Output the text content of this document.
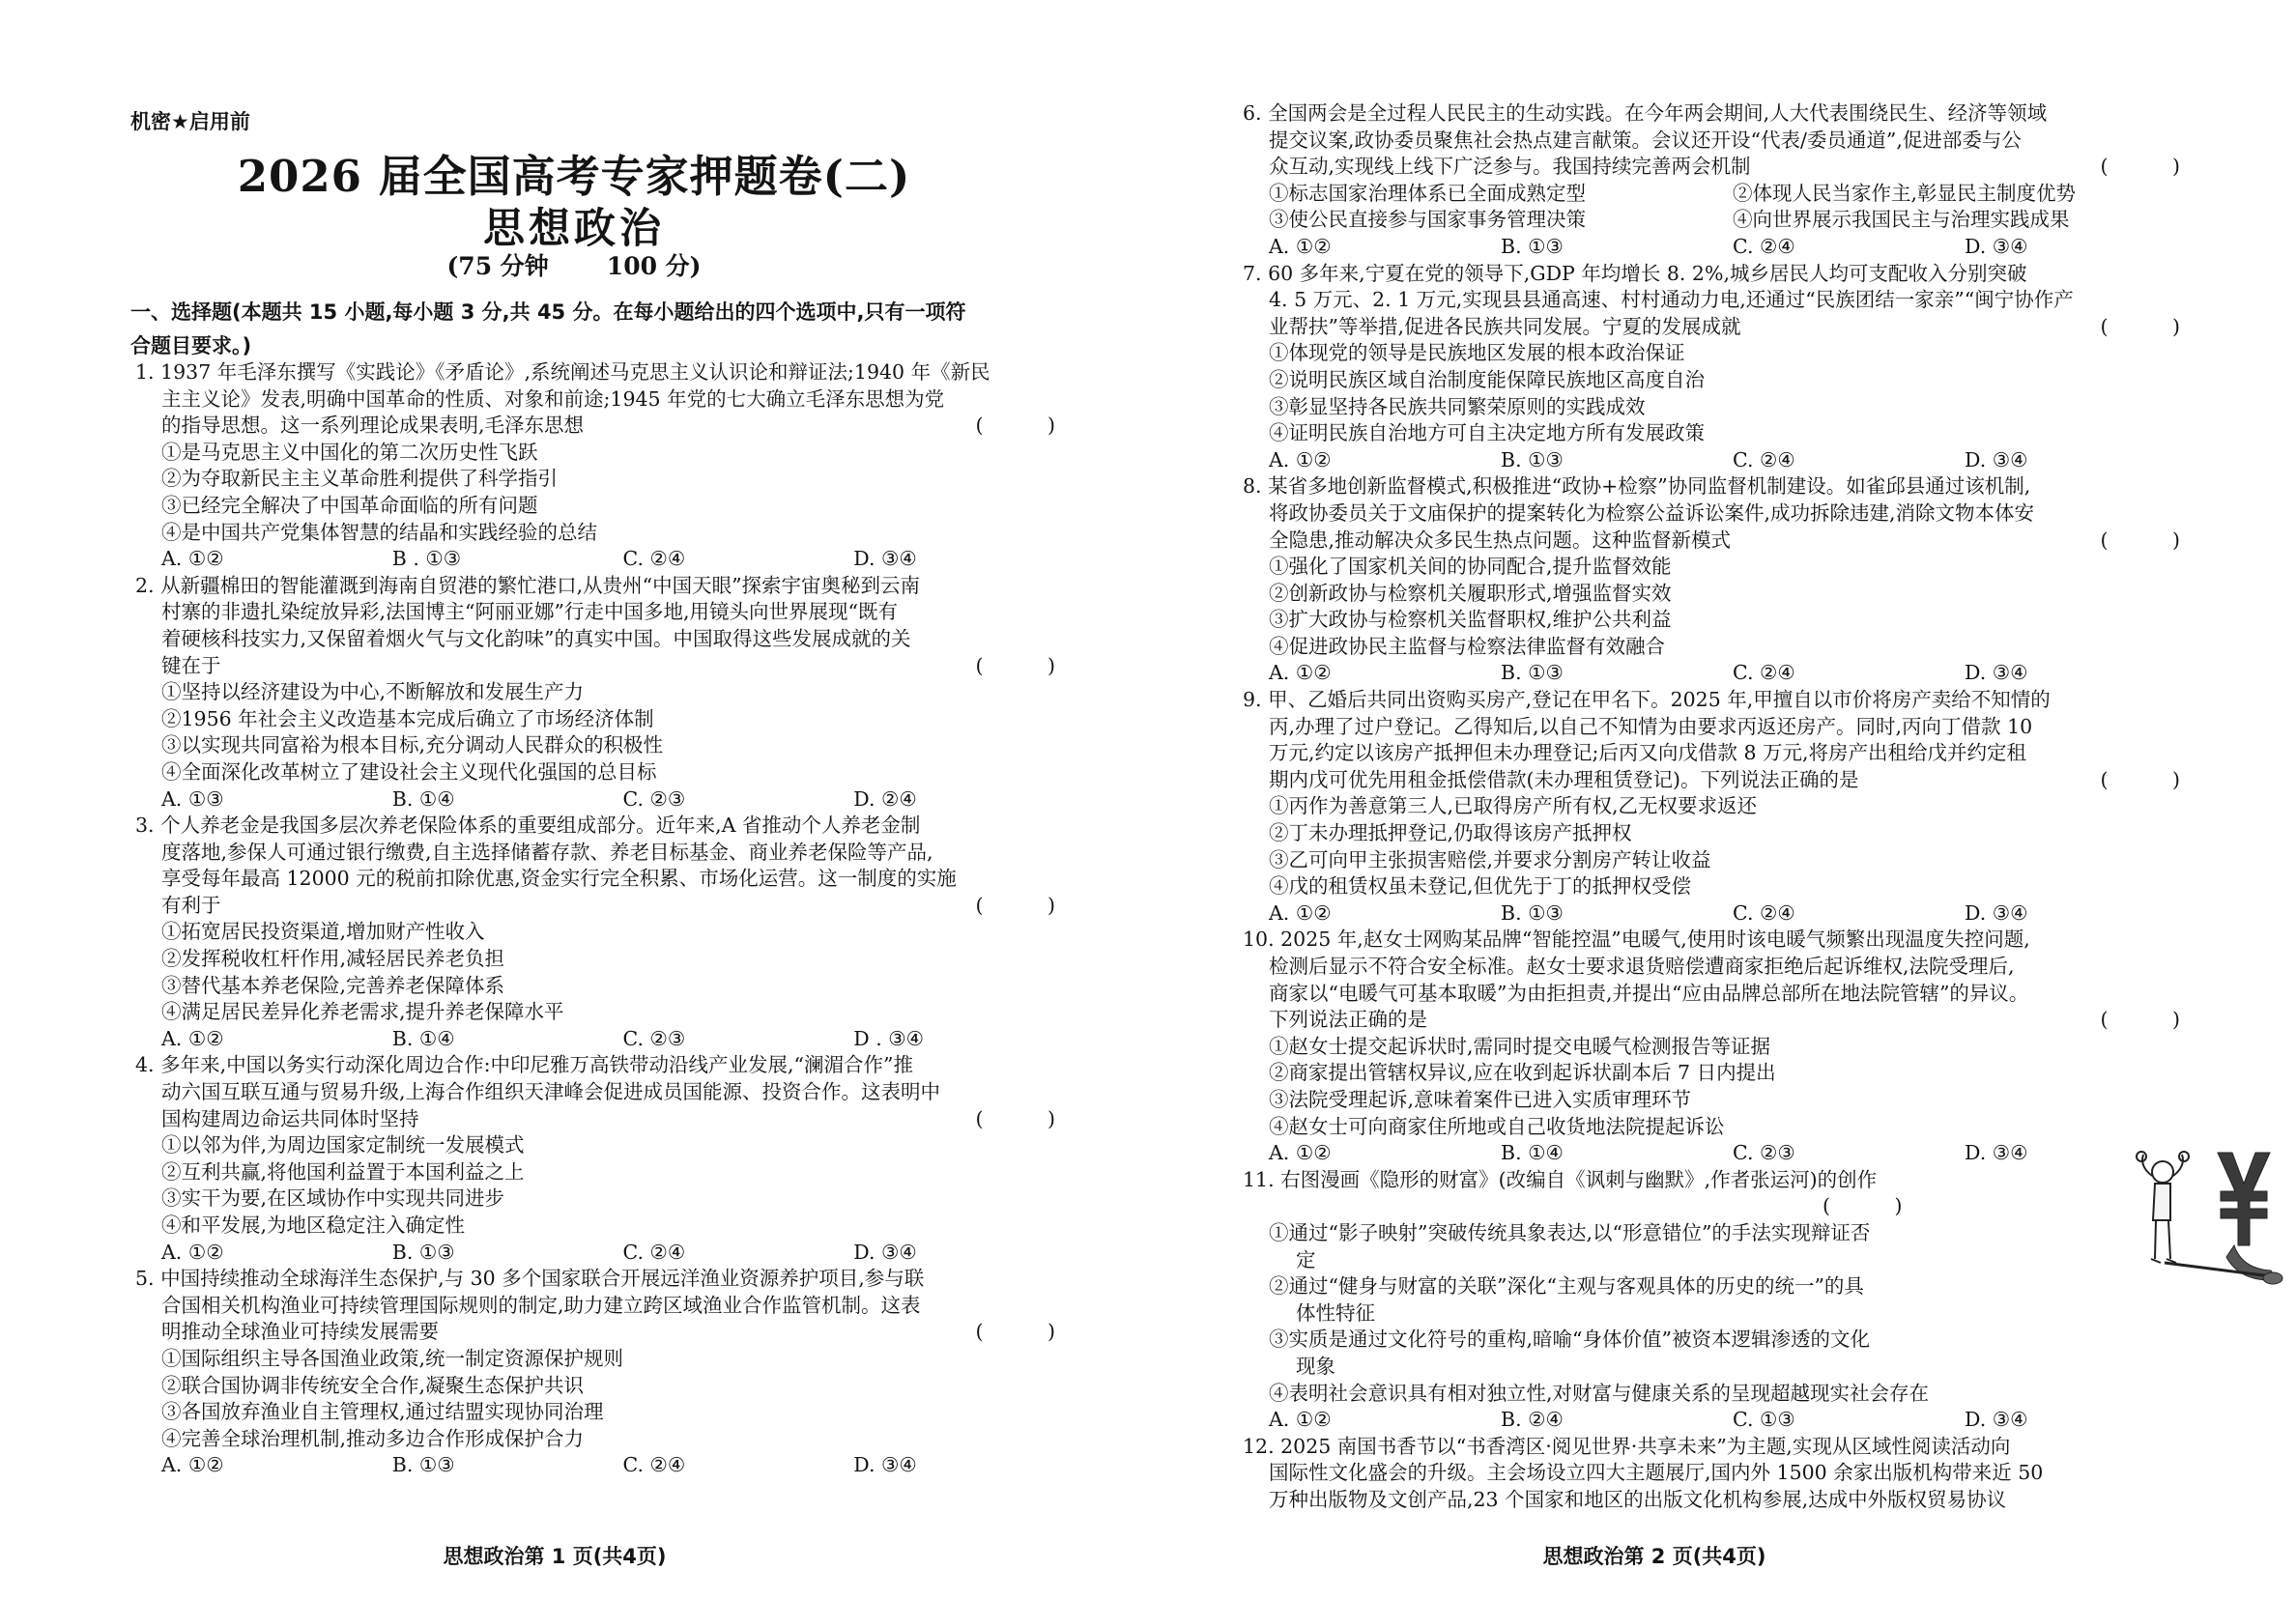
机密★启用前
2026 届全国高考专家押题卷(二)
思想政治
(75 分钟 100 分)
一、选择题(本题共 15 小题,每小题 3 分,共 45 分。在每小题给出的四个选项中,只有一项符
合题目要求。)
1. 1937 年毛泽东撰写《实践论》《矛盾论》,系统阐述马克思主义认识论和辩证法;1940 年《新民
主主义论》发表,明确中国革命的性质、对象和前途;1945 年党的七大确立毛泽东思想为党
的指导思想。这一系列理论成果表明,毛泽东思想	( )
①是马克思主义中国化的第二次历史性飞跃
②为夺取新民主主义革命胜利提供了科学指引
③已经完全解决了中国革命面临的所有问题
④是中国共产党集体智慧的结晶和实践经验的总结
A. ①②	B . ①③	C. ②④	D. ③④
2. 从新疆棉田的智能灌溉到海南自贸港的繁忙港口,从贵州“中国天眼”探索宇宙奥秘到云南
村寨的非遗扎染绽放异彩,法国博主“阿丽亚娜”行走中国多地,用镜头向世界展现“既有
着硬核科技实力,又保留着烟火气与文化韵味”的真实中国。中国取得这些发展成就的关
键在于	( )
①坚持以经济建设为中心,不断解放和发展生产力
②1956 年社会主义改造基本完成后确立了市场经济体制
③以实现共同富裕为根本目标,充分调动人民群众的积极性
④全面深化改革树立了建设社会主义现代化强国的总目标
A. ①③	B. ①④	C. ②③	D. ②④
3. 个人养老金是我国多层次养老保险体系的重要组成部分。近年来,A 省推动个人养老金制
度落地,参保人可通过银行缴费,自主选择储蓄存款、养老目标基金、商业养老保险等产品,
享受每年最高 12000 元的税前扣除优惠,资金实行完全积累、市场化运营。这一制度的实施
有利于	( )
①拓宽居民投资渠道,增加财产性收入
②发挥税收杠杆作用,减轻居民养老负担
③替代基本养老保险,完善养老保障体系
④满足居民差异化养老需求,提升养老保障水平
A. ①②	B. ①④	C. ②③	D . ③④
4. 多年来,中国以务实行动深化周边合作:中印尼雅万高铁带动沿线产业发展,“澜湄合作”推
动六国互联互通与贸易升级,上海合作组织天津峰会促进成员国能源、投资合作。这表明中
国构建周边命运共同体时坚持	( )
①以邻为伴,为周边国家定制统一发展模式
②互利共赢,将他国利益置于本国利益之上
③实干为要,在区域协作中实现共同进步
④和平发展,为地区稳定注入确定性
A. ①②	B. ①③	C. ②④	D. ③④
5. 中国持续推动全球海洋生态保护,与 30 多个国家联合开展远洋渔业资源养护项目,参与联
合国相关机构渔业可持续管理国际规则的制定,助力建立跨区域渔业合作监管机制。这表
明推动全球渔业可持续发展需要	( )
①国际组织主导各国渔业政策,统一制定资源保护规则
②联合国协调非传统安全合作,凝聚生态保护共识
③各国放弃渔业自主管理权,通过结盟实现协同治理
④完善全球治理机制,推动多边合作形成保护合力
A. ①②	B. ①③	C. ②④	D. ③④
思想政治第 1 页(共4页)
6. 全国两会是全过程人民民主的生动实践。在今年两会期间,人大代表围绕民生、经济等领域
提交议案,政协委员聚焦社会热点建言献策。会议还开设“代表/委员通道”,促进部委与公
众互动,实现线上线下广泛参与。我国持续完善两会机制	( )
①标志国家治理体系已全面成熟定型	②体现人民当家作主,彰显民主制度优势
③使公民直接参与国家事务管理决策	④向世界展示我国民主与治理实践成果
A. ①②	B. ①③	C. ②④	D. ③④
7. 60 多年来,宁夏在党的领导下,GDP 年均增长 8. 2%,城乡居民人均可支配收入分别突破
4. 5 万元、2. 1 万元,实现县县通高速、村村通动力电,还通过“民族团结一家亲”“闽宁协作产
业帮扶”等举措,促进各民族共同发展。宁夏的发展成就	( )
①体现党的领导是民族地区发展的根本政治保证
②说明民族区域自治制度能保障民族地区高度自治
③彰显坚持各民族共同繁荣原则的实践成效
④证明民族自治地方可自主决定地方所有发展政策
A. ①②	B. ①③	C. ②④	D. ③④
8. 某省多地创新监督模式,积极推进“政协+检察”协同监督机制建设。如雀邱县通过该机制,
将政协委员关于文庙保护的提案转化为检察公益诉讼案件,成功拆除违建,消除文物本体安
全隐患,推动解决众多民生热点问题。这种监督新模式	( )
①强化了国家机关间的协同配合,提升监督效能
②创新政协与检察机关履职形式,增强监督实效
③扩大政协与检察机关监督职权,维护公共利益
④促进政协民主监督与检察法律监督有效融合
A. ①②	B. ①③	C. ②④	D. ③④
9. 甲、乙婚后共同出资购买房产,登记在甲名下。2025 年,甲擅自以市价将房产卖给不知情的
丙,办理了过户登记。乙得知后,以自己不知情为由要求丙返还房产。同时,丙向丁借款 10
万元,约定以该房产抵押但未办理登记;后丙又向戊借款 8 万元,将房产出租给戊并约定租
期内戊可优先用租金抵偿借款(未办理租赁登记)。下列说法正确的是	( )
①丙作为善意第三人,已取得房产所有权,乙无权要求返还
②丁未办理抵押登记,仍取得该房产抵押权
③乙可向甲主张损害赔偿,并要求分割房产转让收益
④戊的租赁权虽未登记,但优先于丁的抵押权受偿
A. ①②	B. ①③	C. ②④	D. ③④
10. 2025 年,赵女士网购某品牌“智能控温”电暖气,使用时该电暖气频繁出现温度失控问题,
检测后显示不符合安全标准。赵女士要求退货赔偿遭商家拒绝后起诉维权,法院受理后,
商家以“电暖气可基本取暖”为由拒担责,并提出“应由品牌总部所在地法院管辖”的异议。
下列说法正确的是	( )
①赵女士提交起诉状时,需同时提交电暖气检测报告等证据
②商家提出管辖权异议,应在收到起诉状副本后 7 日内提出
③法院受理起诉,意味着案件已进入实质审理环节
④赵女士可向商家住所地或自己收货地法院提起诉讼
A. ①②	B. ①④	C. ②③	D. ③④
11. 右图漫画《隐形的财富》(改编自《讽刺与幽默》,作者张运河)的创作
( )
①通过“影子映射”突破传统具象表达,以“形意错位”的手法实现辩证否
定
②通过“健身与财富的关联”深化“主观与客观具体的历史的统一”的具
体性特征
③实质是通过文化符号的重构,暗喻“身体价值”被资本逻辑渗透的文化
现象
④表明社会意识具有相对独立性,对财富与健康关系的呈现超越现实社会存在
A. ①②	B. ②④	C. ①③	D. ③④
12. 2025 南国书香节以“书香湾区·阅见世界·共享未来”为主题,实现从区域性阅读活动向
国际性文化盛会的升级。主会场设立四大主题展厅,国内外 1500 余家出版机构带来近 50
万种出版物及文创产品,23 个国家和地区的出版文化机构参展,达成中外版权贸易协议
思想政治第 2 页(共4页)
